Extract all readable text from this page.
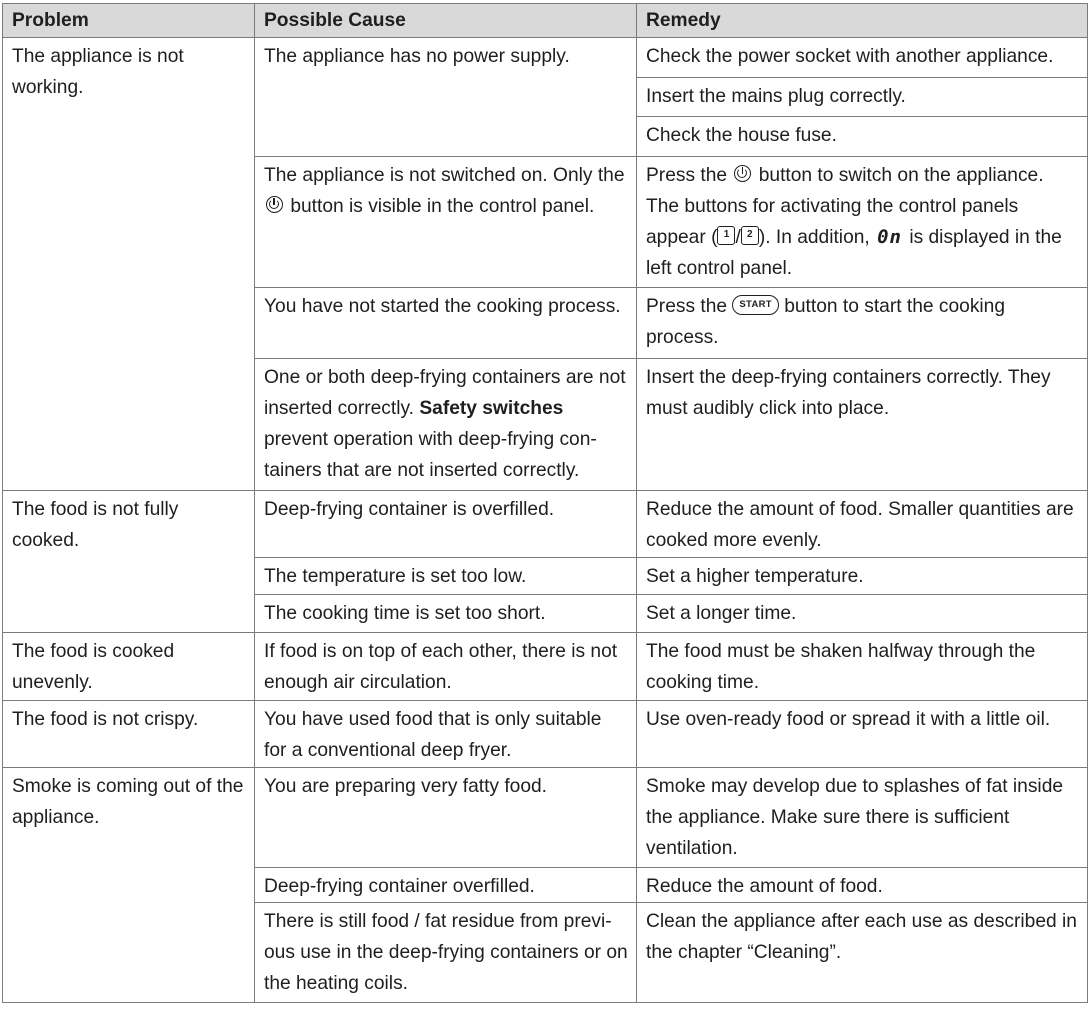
Problem	Possible Cause	Remedy
The appliance is not working.	The appliance has no power supply.	Check the power socket with another appliance.
		Insert the mains plug correctly.
		Check the house fuse.
	The appliance is not switched on. Only the  button is visible in the control panel.	Press the button to switch on the appliance. The buttons for activating the control panels appear ( 1 / 2 ). In addition, 0n is displayed in the left control panel.
	You have not started the cooking process.	Press the START button to start the cooking process.
	One or both deep-frying containers are not inserted correctly. Safety switches prevent operation with deep-frying containers that are not inserted correctly.	Insert the deep-frying containers correctly. They must audibly click into place.
The food is not fully cooked.	Deep-frying container is overfilled.	Reduce the amount of food. Smaller quantities are cooked more evenly.
	The temperature is set too low.	Set a higher temperature.
	The cooking time is set too short.	Set a longer time.
The food is cooked unevenly.	If food is on top of each other, there is not enough air circulation.	The food must be shaken halfway through the cooking time.
The food is not crispy.	You have used food that is only suitable for a conventional deep fryer.	Use oven-ready food or spread it with a little oil.
Smoke is coming out of the appliance.	You are preparing very fatty food.	Smoke may develop due to splashes of fat inside the appliance. Make sure there is sufficient ventilation.
	Deep-frying container overfilled.	Reduce the amount of food.
	There is still food / fat residue from previous use in the deep-frying containers or on the heating coils.	Clean the appliance after each use as described in the chapter “Cleaning”.
